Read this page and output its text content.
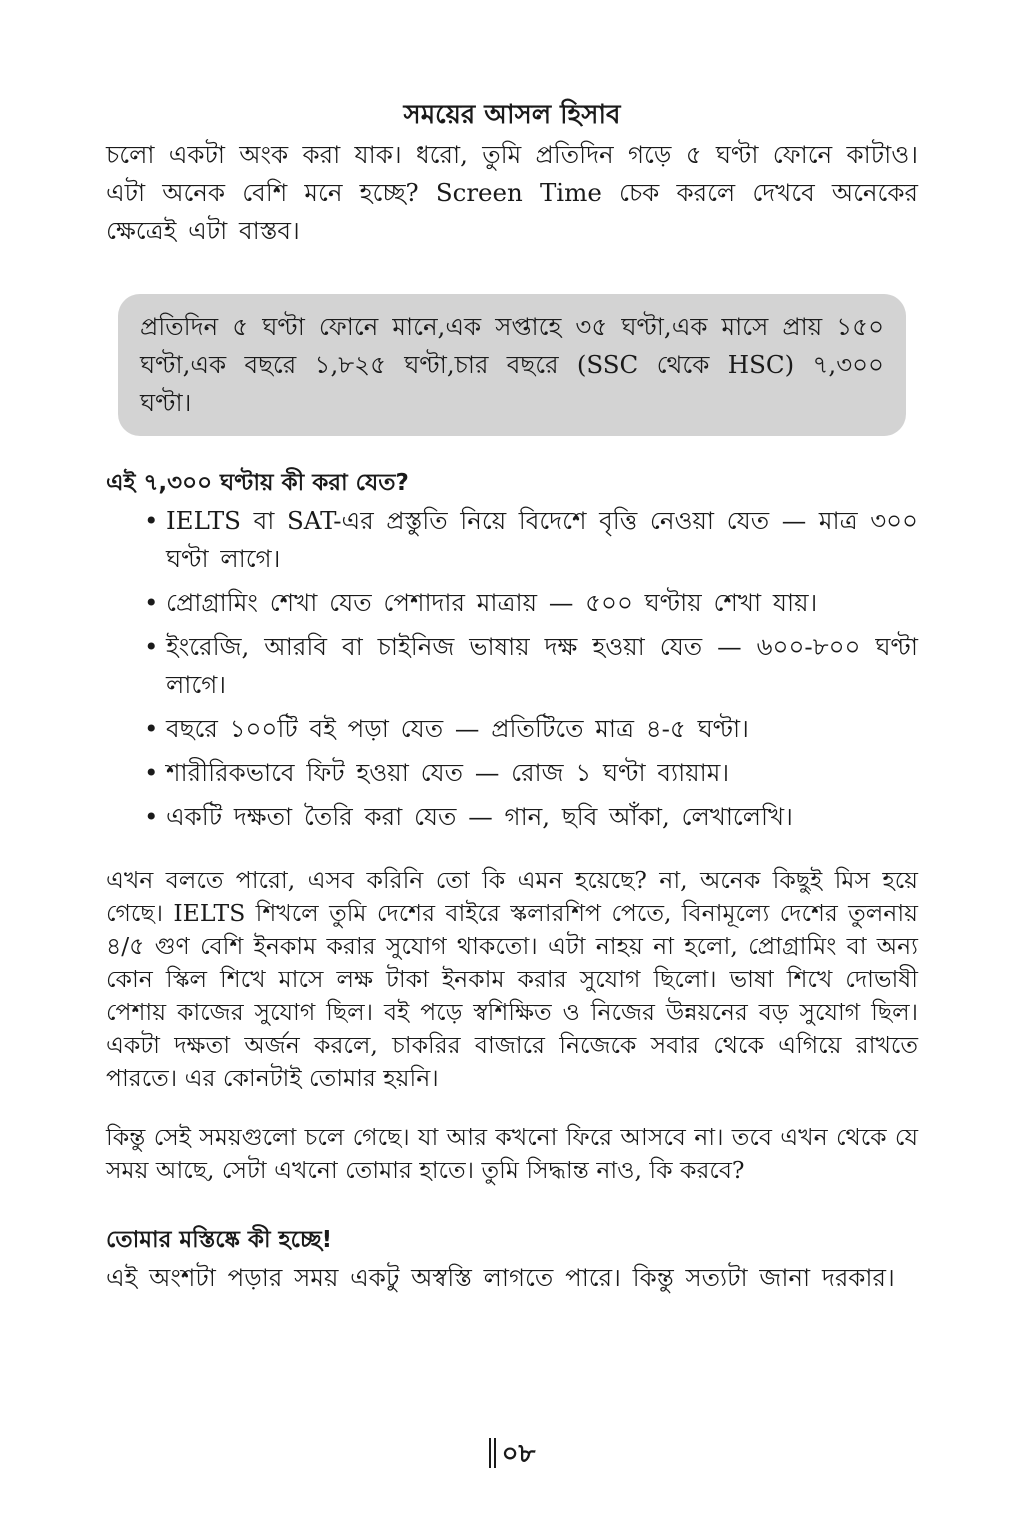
সময়ের আসল হিসাব

চলো একটা অংক করা যাক। ধরো, তুমি প্রতিদিন গড়ে ৫ ঘণ্টা ফোনে কাটাও। এটা অনেক বেশি মনে হচ্ছে? Screen Time চেক করলে দেখবে অনেকের ক্ষেত্রেই এটা বাস্তব।

প্রতিদিন ৫ ঘণ্টা ফোনে মানে,এক সপ্তাহে ৩৫ ঘণ্টা,এক মাসে প্রায় ১৫০ ঘণ্টা,এক বছরে ১,৮২৫ ঘণ্টা,চার বছরে (SSC থেকে HSC) ৭,৩০০ ঘণ্টা।

এই ৭,৩০০ ঘণ্টায় কী করা যেত?
• IELTS বা SAT-এর প্রস্তুতি নিয়ে বিদেশে বৃত্তি নেওয়া যেত — মাত্র ৩০০ ঘণ্টা লাগে।
• প্রোগ্রামিং শেখা যেত পেশাদার মাত্রায় — ৫০০ ঘণ্টায় শেখা যায়।
• ইংরেজি, আরবি বা চাইনিজ ভাষায় দক্ষ হওয়া যেত — ৬০০-৮০০ ঘণ্টা লাগে।
• বছরে ১০০টি বই পড়া যেত — প্রতিটিতে মাত্র ৪-৫ ঘণ্টা।
• শারীরিকভাবে ফিট হওয়া যেত — রোজ ১ ঘণ্টা ব্যায়াম।
• একটি দক্ষতা তৈরি করা যেত — গান, ছবি আঁকা, লেখালেখি।

এখন বলতে পারো, এসব করিনি তো কি এমন হয়েছে? না, অনেক কিছুই মিস হয়ে গেছে। IELTS শিখলে তুমি দেশের বাইরে স্কলারশিপ পেতে, বিনামূল্যে দেশের তুলনায় ৪/৫ গুণ বেশি ইনকাম করার সুযোগ থাকতো। এটা নাহয় না হলো, প্রোগ্রামিং বা অন্য কোন স্কিল শিখে মাসে লক্ষ টাকা ইনকাম করার সুযোগ ছিলো। ভাষা শিখে দোভাষী পেশায় কাজের সুযোগ ছিল। বই পড়ে স্বশিক্ষিত ও নিজের উন্নয়নের বড় সুযোগ ছিল। একটা দক্ষতা অর্জন করলে, চাকরির বাজারে নিজেকে সবার থেকে এগিয়ে রাখতে পারতে। এর কোনটাই তোমার হয়নি।

কিন্তু সেই সময়গুলো চলে গেছে। যা আর কখনো ফিরে আসবে না। তবে এখন থেকে যে সময় আছে, সেটা এখনো তোমার হাতে। তুমি সিদ্ধান্ত নাও, কি করবে?

তোমার মস্তিষ্কে কী হচ্ছে!

এই অংশটা পড়ার সময় একটু অস্বস্তি লাগতে পারে। কিন্তু সত্যটা জানা দরকার।

০৮
